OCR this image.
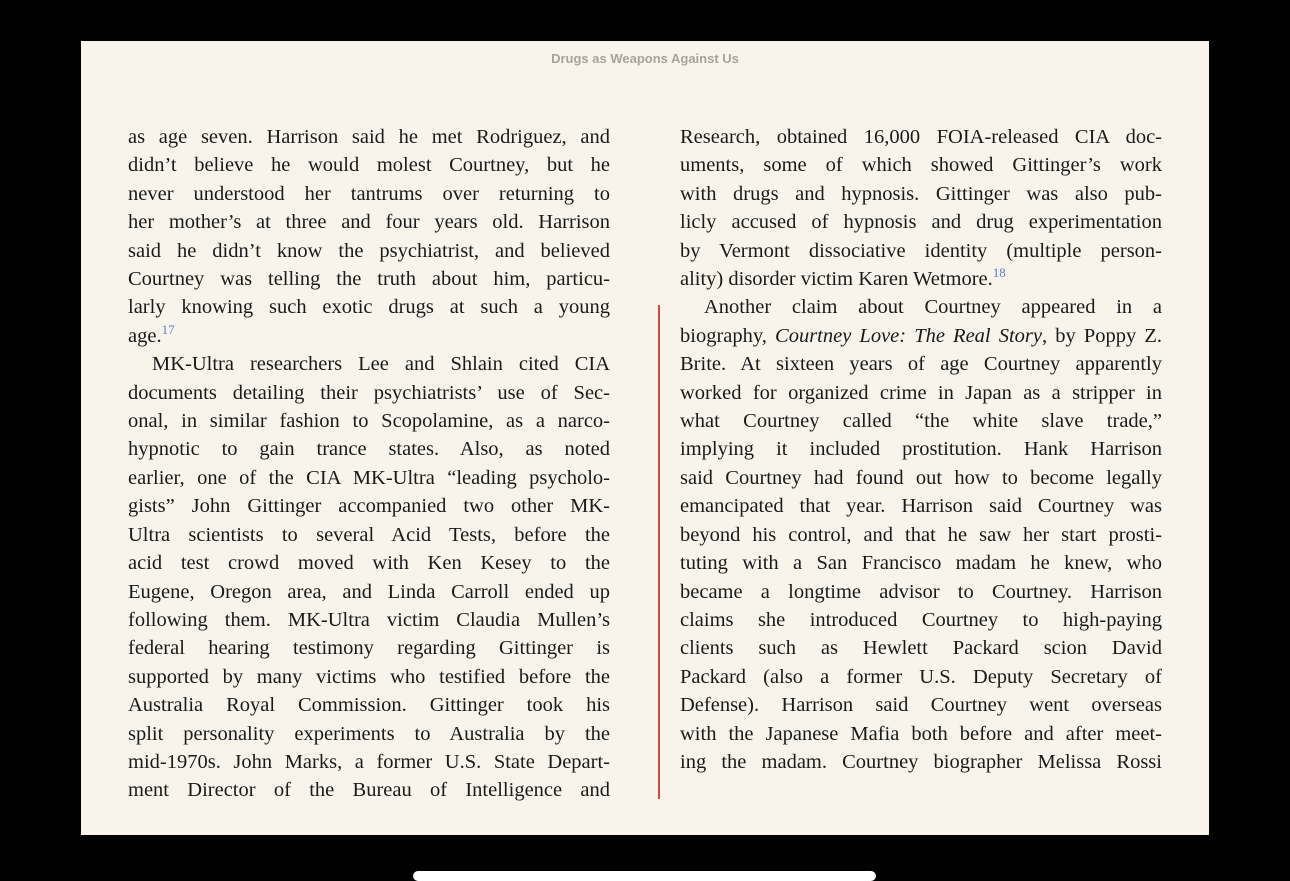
Drugs as Weapons Against Us

as age seven. Harrison said he met Rodriguez, and
didn’t believe he would molest Courtney, but he
never understood her tantrums over returning to
her mother’s at three and four years old. Harrison
said he didn’t know the psychiatrist, and believed
Courtney was telling the truth about him, particu-
larly knowing such exotic drugs at such a young
age.$^{17}$

MK-Ultra researchers Lee and Shlain cited CIA
documents detailing their psychiatrists’ use of Sec-
onal, in similar fashion to Scopolamine, as a narco-
hypnotic to gain trance states. Also, as noted
earlier, one of the CIA MK-Ultra “leading psycholo-
gists” John Gittinger accompanied two other MK-
Ultra scientists to several Acid Tests, before the
acid test crowd moved with Ken Kesey to the
Eugene, Oregon area, and Linda Carroll ended up
following them. MK-Ultra victim Claudia Mullen’s
federal hearing testimony regarding Gittinger is
supported by many victims who testified before the
Australia Royal Commission. Gittinger took his
split personality experiments to Australia by the
mid-1970s. John Marks, a former U.S. State Depart-
ment Director of the Bureau of Intelligence and

Research, obtained 16,000 FOIA-released CIA doc-
uments, some of which showed Gittinger’s work
with drugs and hypnosis. Gittinger was also pub-
licly accused of hypnosis and drug experimentation
by Vermont dissociative identity (multiple person-
ality) disorder victim Karen Wetmore.$^{18}$

Another claim about Courtney appeared in a
biography, Courtney Love: The Real Story, by Poppy Z.
Brite. At sixteen years of age Courtney apparently
worked for organized crime in Japan as a stripper in
what Courtney called “the white slave trade,”
implying it included prostitution. Hank Harrison
said Courtney had found out how to become legally
emancipated that year. Harrison said Courtney was
beyond his control, and that he saw her start prosti-
tuting with a San Francisco madam he knew, who
became a longtime advisor to Courtney. Harrison
claims she introduced Courtney to high-paying
clients such as Hewlett Packard scion David
Packard (also a former U.S. Deputy Secretary of
Defense). Harrison said Courtney went overseas
with the Japanese Mafia both before and after meet-
ing the madam. Courtney biographer Melissa Rossi
